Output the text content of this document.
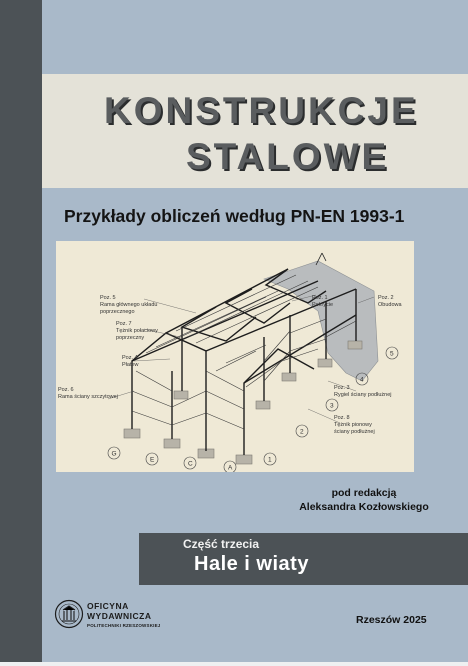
KONSTRUKCJE
STALOWE
Przykłady obliczeń według PN-EN 1993-1
Poz. 5
Rama głównego układu
poprzecznego
Poz. 7
Tężnik połaciowy
poprzeczny
Poz. 4
Płatew
Poz. 6
Rama ściany szczytowej
Poz. 1
Pokrycie
Poz. 2
Obudowa
Poz. 3
Rygiel ściany podłużnej
Poz. 8
Tężnik pionowy
ściany podłużnej
1
2
3
4
5
A
C
E
G
pod redakcją
Aleksandra Kozłowskiego
Część trzecia
Hale i wiaty
OFICYNA
WYDAWNICZA
POLITECHNIKI RZESZOWSKIEJ	Rzeszów 2025
